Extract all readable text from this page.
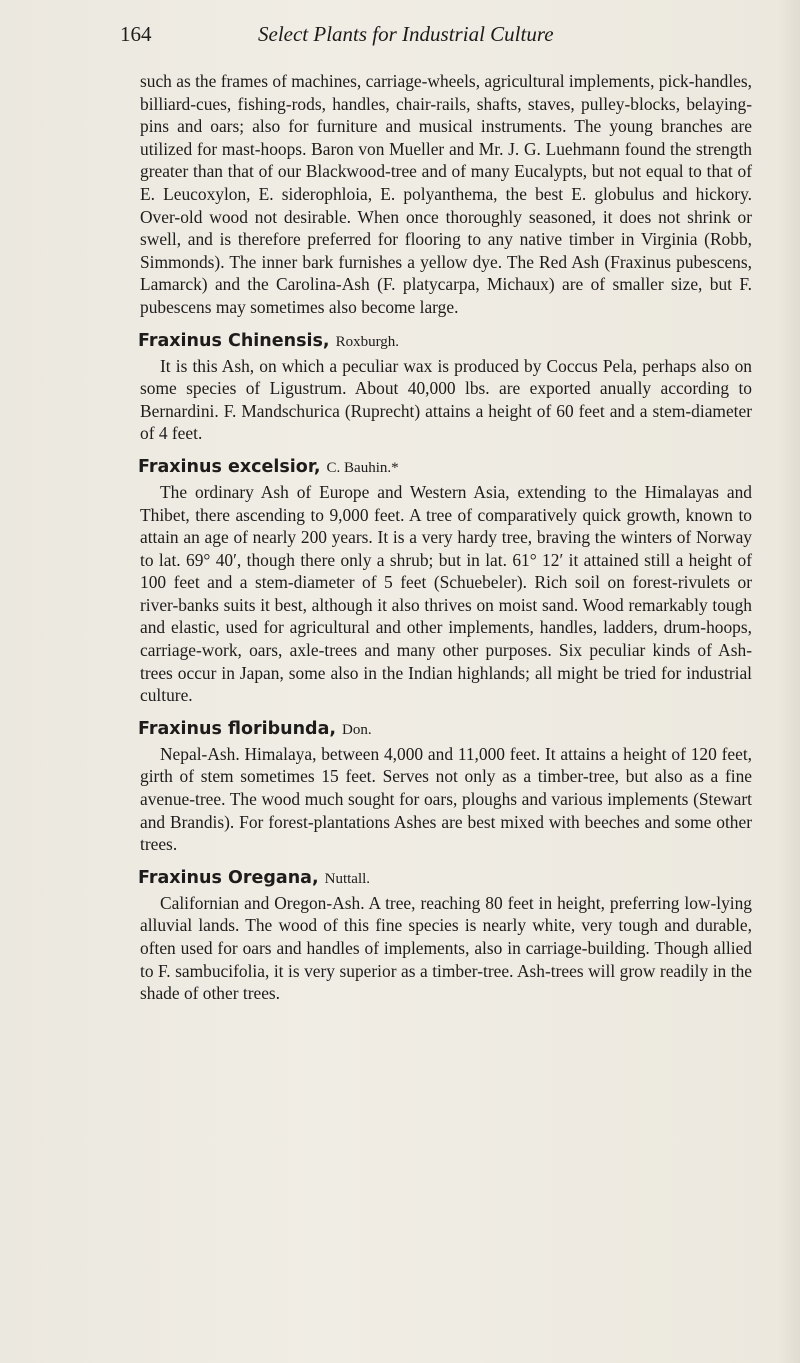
164	Select Plants for Industrial Culture

such as the frames of machines, carriage-wheels, agricultural implements, pick-handles, billiard-cues, fishing-rods, handles, chair-rails, shafts, staves, pulley-blocks, belaying-pins and oars; also for furniture and musical instruments. The young branches are utilized for mast-hoops. Baron von Mueller and Mr. J. G. Luehmann found the strength greater than that of our Blackwood-tree and of many Eucalypts, but not equal to that of E. Leucoxylon, E. siderophloia, E. polyanthema, the best E. globulus and hickory. Over-old wood not desirable. When once thoroughly seasoned, it does not shrink or swell, and is therefore preferred for flooring to any native timber in Virginia (Robb, Simmonds). The inner bark furnishes a yellow dye. The Red Ash (Fraxinus pubescens, Lamarck) and the Carolina-Ash (F. platycarpa, Michaux) are of smaller size, but F. pubescens may sometimes also become large.

Fraxinus Chinensis, Roxburgh.

It is this Ash, on which a peculiar wax is produced by Coccus Pela, perhaps also on some species of Ligustrum. About 40,000 lbs. are exported anually according to Bernardini. F. Mandschurica (Ruprecht) attains a height of 60 feet and a stem-diameter of 4 feet.

Fraxinus excelsior, C. Bauhin.*

The ordinary Ash of Europe and Western Asia, extending to the Himalayas and Thibet, there ascending to 9,000 feet. A tree of comparatively quick growth, known to attain an age of nearly 200 years. It is a very hardy tree, braving the winters of Norway to lat. 69° 40′, though there only a shrub; but in lat. 61° 12′ it attained still a height of 100 feet and a stem-diameter of 5 feet (Schuebeler). Rich soil on forest-rivulets or river-banks suits it best, although it also thrives on moist sand. Wood remarkably tough and elastic, used for agricultural and other implements, handles, ladders, drum-hoops, carriage-work, oars, axle-trees and many other purposes. Six peculiar kinds of Ash-trees occur in Japan, some also in the Indian highlands; all might be tried for industrial culture.

Fraxinus floribunda, Don.

Nepal-Ash. Himalaya, between 4,000 and 11,000 feet. It attains a height of 120 feet, girth of stem sometimes 15 feet. Serves not only as a timber-tree, but also as a fine avenue-tree. The wood much sought for oars, ploughs and various implements (Stewart and Brandis). For forest-plantations Ashes are best mixed with beeches and some other trees.

Fraxinus Oregana, Nuttall.

Californian and Oregon-Ash. A tree, reaching 80 feet in height, preferring low-lying alluvial lands. The wood of this fine species is nearly white, very tough and durable, often used for oars and handles of implements, also in carriage-building. Though allied to F. sambucifolia, it is very superior as a timber-tree. Ash-trees will grow readily in the shade of other trees.
